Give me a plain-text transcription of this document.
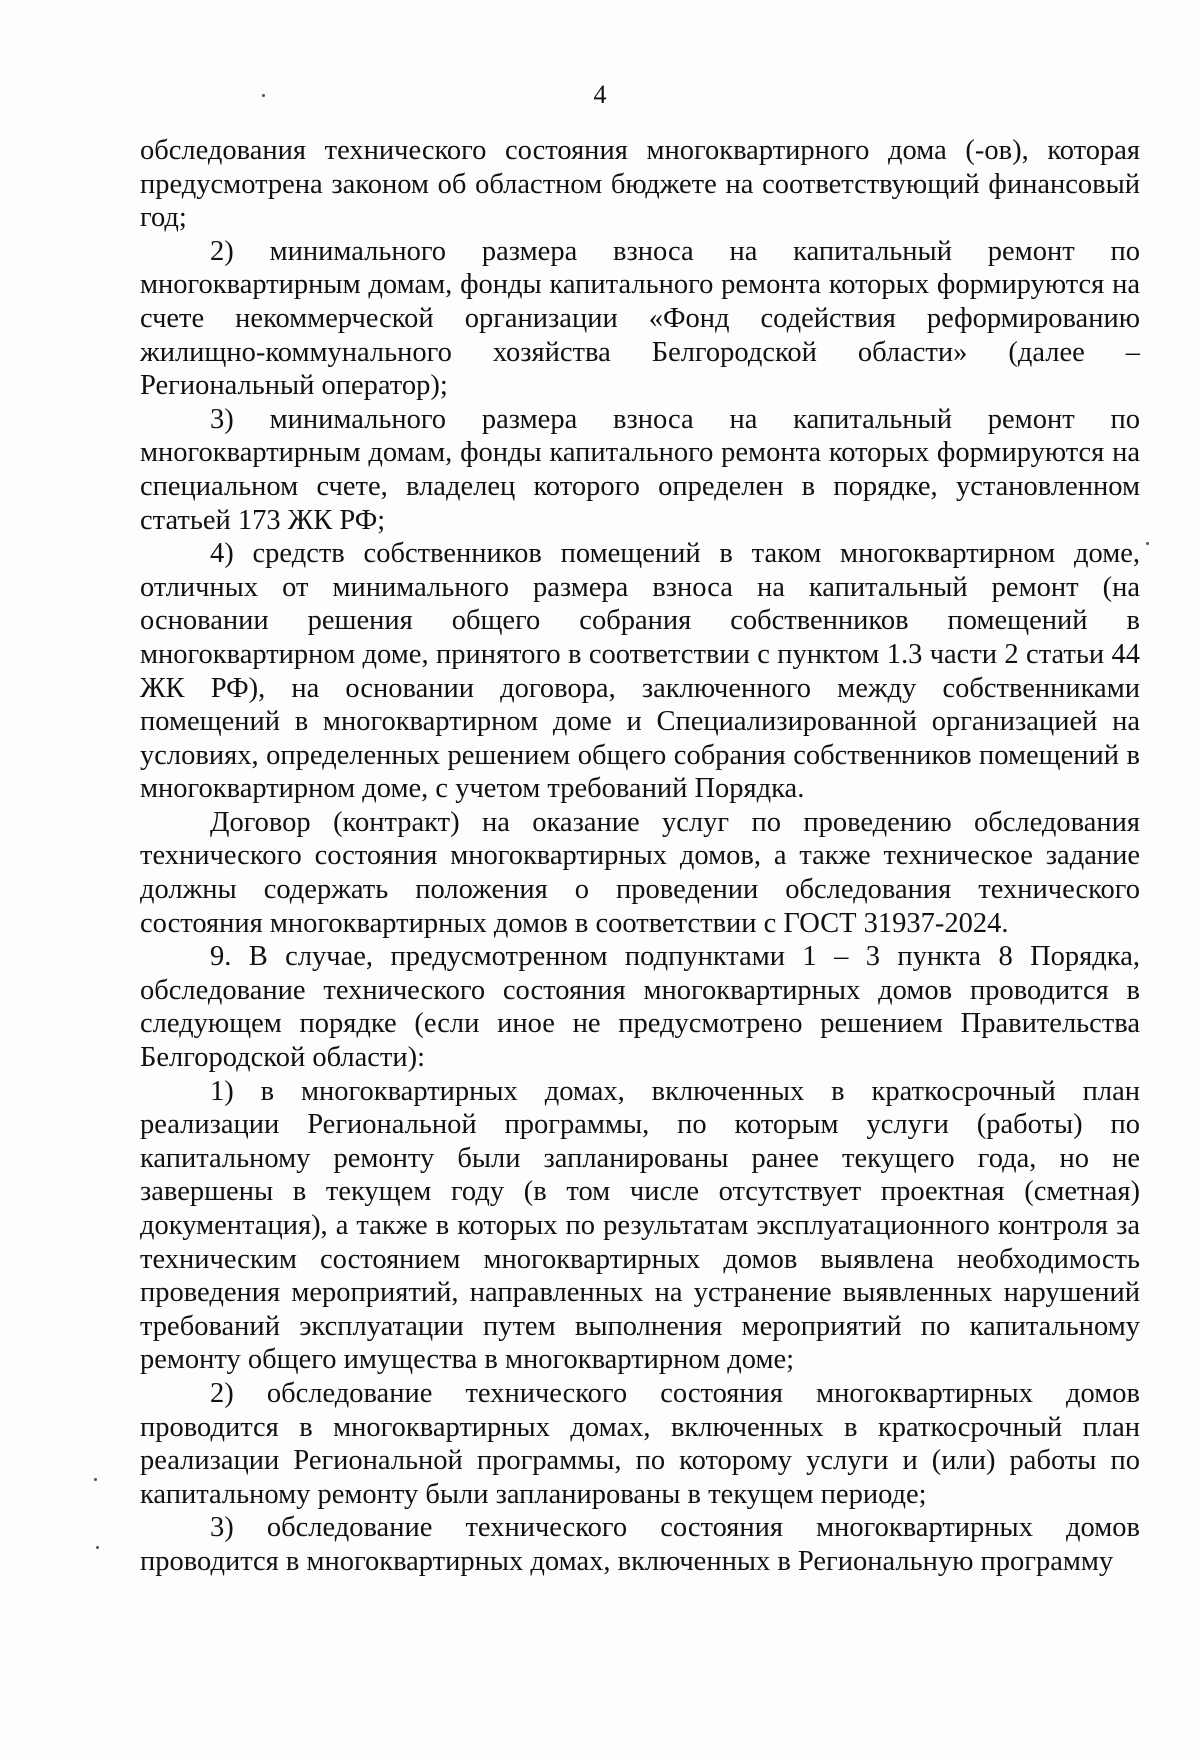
4

обследования технического состояния многоквартирного дома (-ов), которая предусмотрена законом об областном бюджете на соответствующий финансовый год;

2) минимального размера взноса на капитальный ремонт по многоквартирным домам, фонды капитального ремонта которых формируются на счете некоммерческой организации «Фонд содействия реформированию жилищно-коммунального хозяйства Белгородской области» (далее – Региональный оператор);

3) минимального размера взноса на капитальный ремонт по многоквартирным домам, фонды капитального ремонта которых формируются на специальном счете, владелец которого определен в порядке, установленном статьей 173 ЖК РФ;

4) средств собственников помещений в таком многоквартирном доме, отличных от минимального размера взноса на капитальный ремонт (на основании решения общего собрания собственников помещений в многоквартирном доме, принятого в соответствии с пунктом 1.3 части 2 статьи 44 ЖК РФ), на основании договора, заключенного между собственниками помещений в многоквартирном доме и Специализированной организацией на условиях, определенных решением общего собрания собственников помещений в многоквартирном доме, с учетом требований Порядка.

Договор (контракт) на оказание услуг по проведению обследования технического состояния многоквартирных домов, а также техническое задание должны содержать положения о проведении обследования технического состояния многоквартирных домов в соответствии с ГОСТ 31937-2024.

9. В случае, предусмотренном подпунктами 1 – 3 пункта 8 Порядка, обследование технического состояния многоквартирных домов проводится в следующем порядке (если иное не предусмотрено решением Правительства Белгородской области):

1) в многоквартирных домах, включенных в краткосрочный план реализации Региональной программы, по которым услуги (работы) по капитальному ремонту были запланированы ранее текущего года, но не завершены в текущем году (в том числе отсутствует проектная (сметная) документация), а также в которых по результатам эксплуатационного контроля за техническим состоянием многоквартирных домов выявлена необходимость проведения мероприятий, направленных на устранение выявленных нарушений требований эксплуатации путем выполнения мероприятий по капитальному ремонту общего имущества в многоквартирном доме;

2) обследование технического состояния многоквартирных домов проводится в многоквартирных домах, включенных в краткосрочный план реализации Региональной программы, по которому услуги и (или) работы по капитальному ремонту были запланированы в текущем периоде;

3) обследование технического состояния многоквартирных домов проводится в многоквартирных домах, включенных в Региональную программу
